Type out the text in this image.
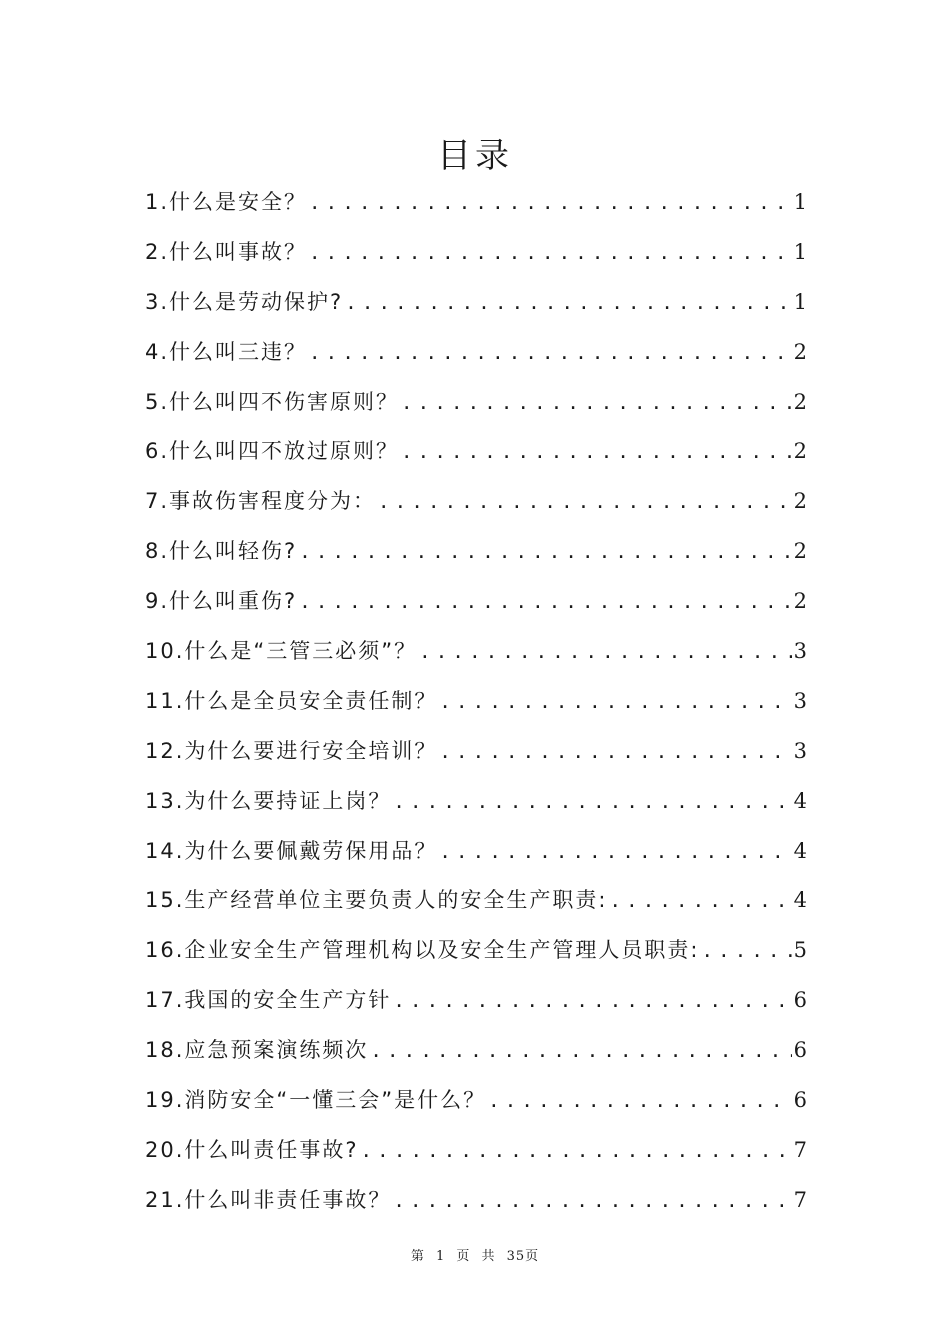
目录
1.什么是安全？ .....	1
2.什么叫事故？ .....	1
3.什么是劳动保护? .....	1
4.什么叫三违？ .....	2
5.什么叫四不伤害原则？ .....	2
6.什么叫四不放过原则？ .....	2
7.事故伤害程度分为： .....	2
8.什么叫轻伤? .....	2
9.什么叫重伤? .....	2
10.什么是“三管三必须”？ .....	3
11.什么是全员安全责任制？ .....	3
12.为什么要进行安全培训？ .....	3
13.为什么要持证上岗？ .....	4
14.为什么要佩戴劳保用品？ .....	4
15.生产经营单位主要负责人的安全生产职责: .....	4
16.企业安全生产管理机构以及安全生产管理人员职责: .....	5
17.我国的安全生产方针 .....	6
18.应急预案演练频次 .....	6
19.消防安全“一懂三会”是什么？ .....	6
20.什么叫责任事故? .....	7
21.什么叫非责任事故？ .....	7
第 1 页 共 35页
